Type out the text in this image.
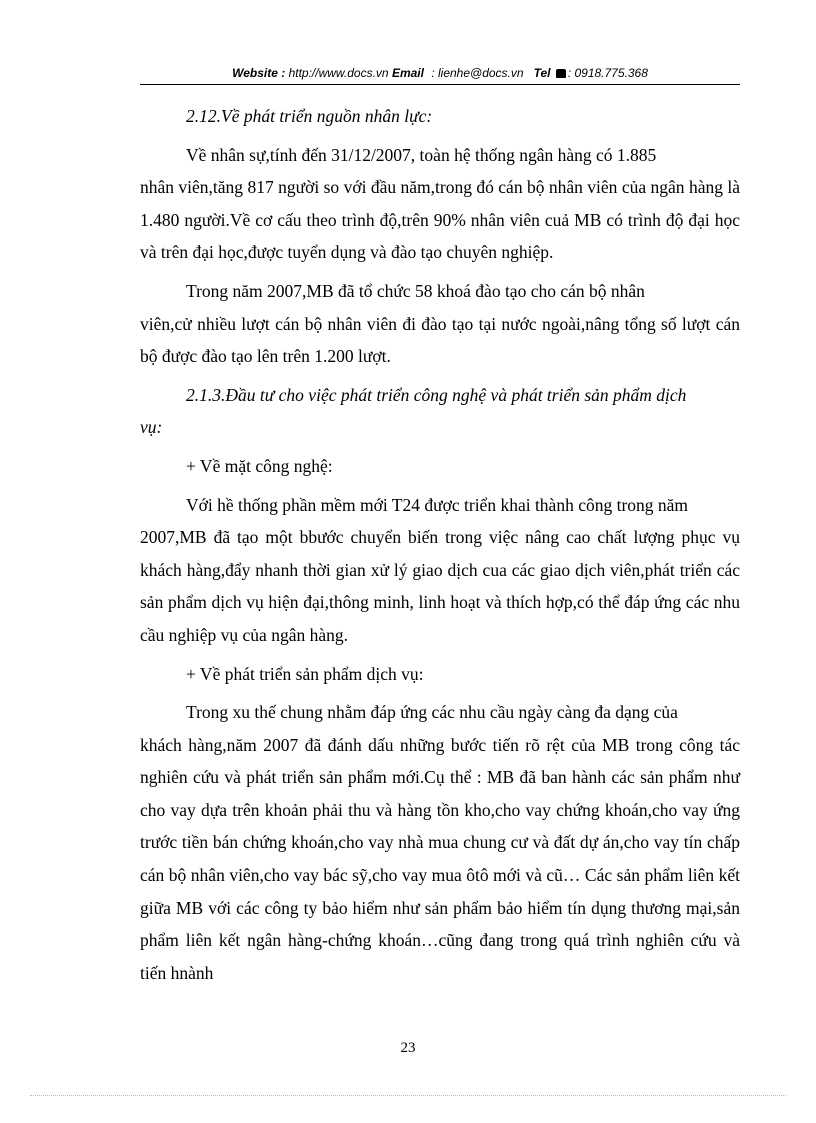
Website : http://www.docs.vn Email : lienhe@docs.vn Tel : 0918.775.368

2.12.Về phát triển nguồn nhân lực:

Về nhân sự,tính đến 31/12/2007, toàn hệ thống ngân hàng có 1.885
nhân viên,tăng 817 người so với đầu năm,trong đó cán bộ nhân viên của ngân hàng là 1.480 người.Về cơ cấu theo trình độ,trên 90% nhân viên cuả MB có trình độ đại học và trên đại học,được tuyển dụng và đào tạo chuyên nghiệp.

Trong năm 2007,MB đã tổ chức 58 khoá đào tạo cho cán bộ nhân
viên,cử nhiều lượt cán bộ nhân viên đi đào tạo tại nước ngoài,nâng tổng số lượt cán bộ được đào tạo lên trên 1.200 lượt.

2.1.3.Đầu tư cho việc phát triển công nghệ và phát triển sản phẩm dịch
vụ:

+ Về mặt công nghệ:

Với hề thống phần mềm mới T24 được triển khai thành công trong năm
2007,MB đã tạo một bbước chuyển biến trong việc nâng cao chất lượng phục vụ khách hàng,đẩy nhanh thời gian xử lý giao dịch cua các giao dịch viên,phát triển các sản phẩm dịch vụ hiện đại,thông minh, linh hoạt và thích hợp,có thể đáp ứng các nhu cầu nghiệp vụ của ngân hàng.

+ Về phát triển sản phẩm dịch vụ:

Trong xu thế chung nhằm đáp ứng các nhu cầu ngày càng đa dạng của
khách hàng,năm 2007 đã đánh dấu những bước tiến rõ rệt của MB trong công tác nghiên cứu và phát triển sản phẩm mới.Cụ thể : MB đã ban hành các sản phẩm như cho vay dựa trên khoản phải thu và hàng tồn kho,cho vay chứng khoán,cho vay ứng trước tiền bán chứng khoán,cho vay nhà mua chung cư và đất dự án,cho vay tín chấp cán bộ nhân viên,cho vay bác sỹ,cho vay mua ôtô mới và cũ… Các sản phẩm liên kết giữa MB với các công ty bảo hiểm như sản phẩm bảo hiểm tín dụng thương mại,sản phẩm liên kết ngân hàng-chứng khoán…cũng đang trong quá trình nghiên cứu và tiến hnành

23
